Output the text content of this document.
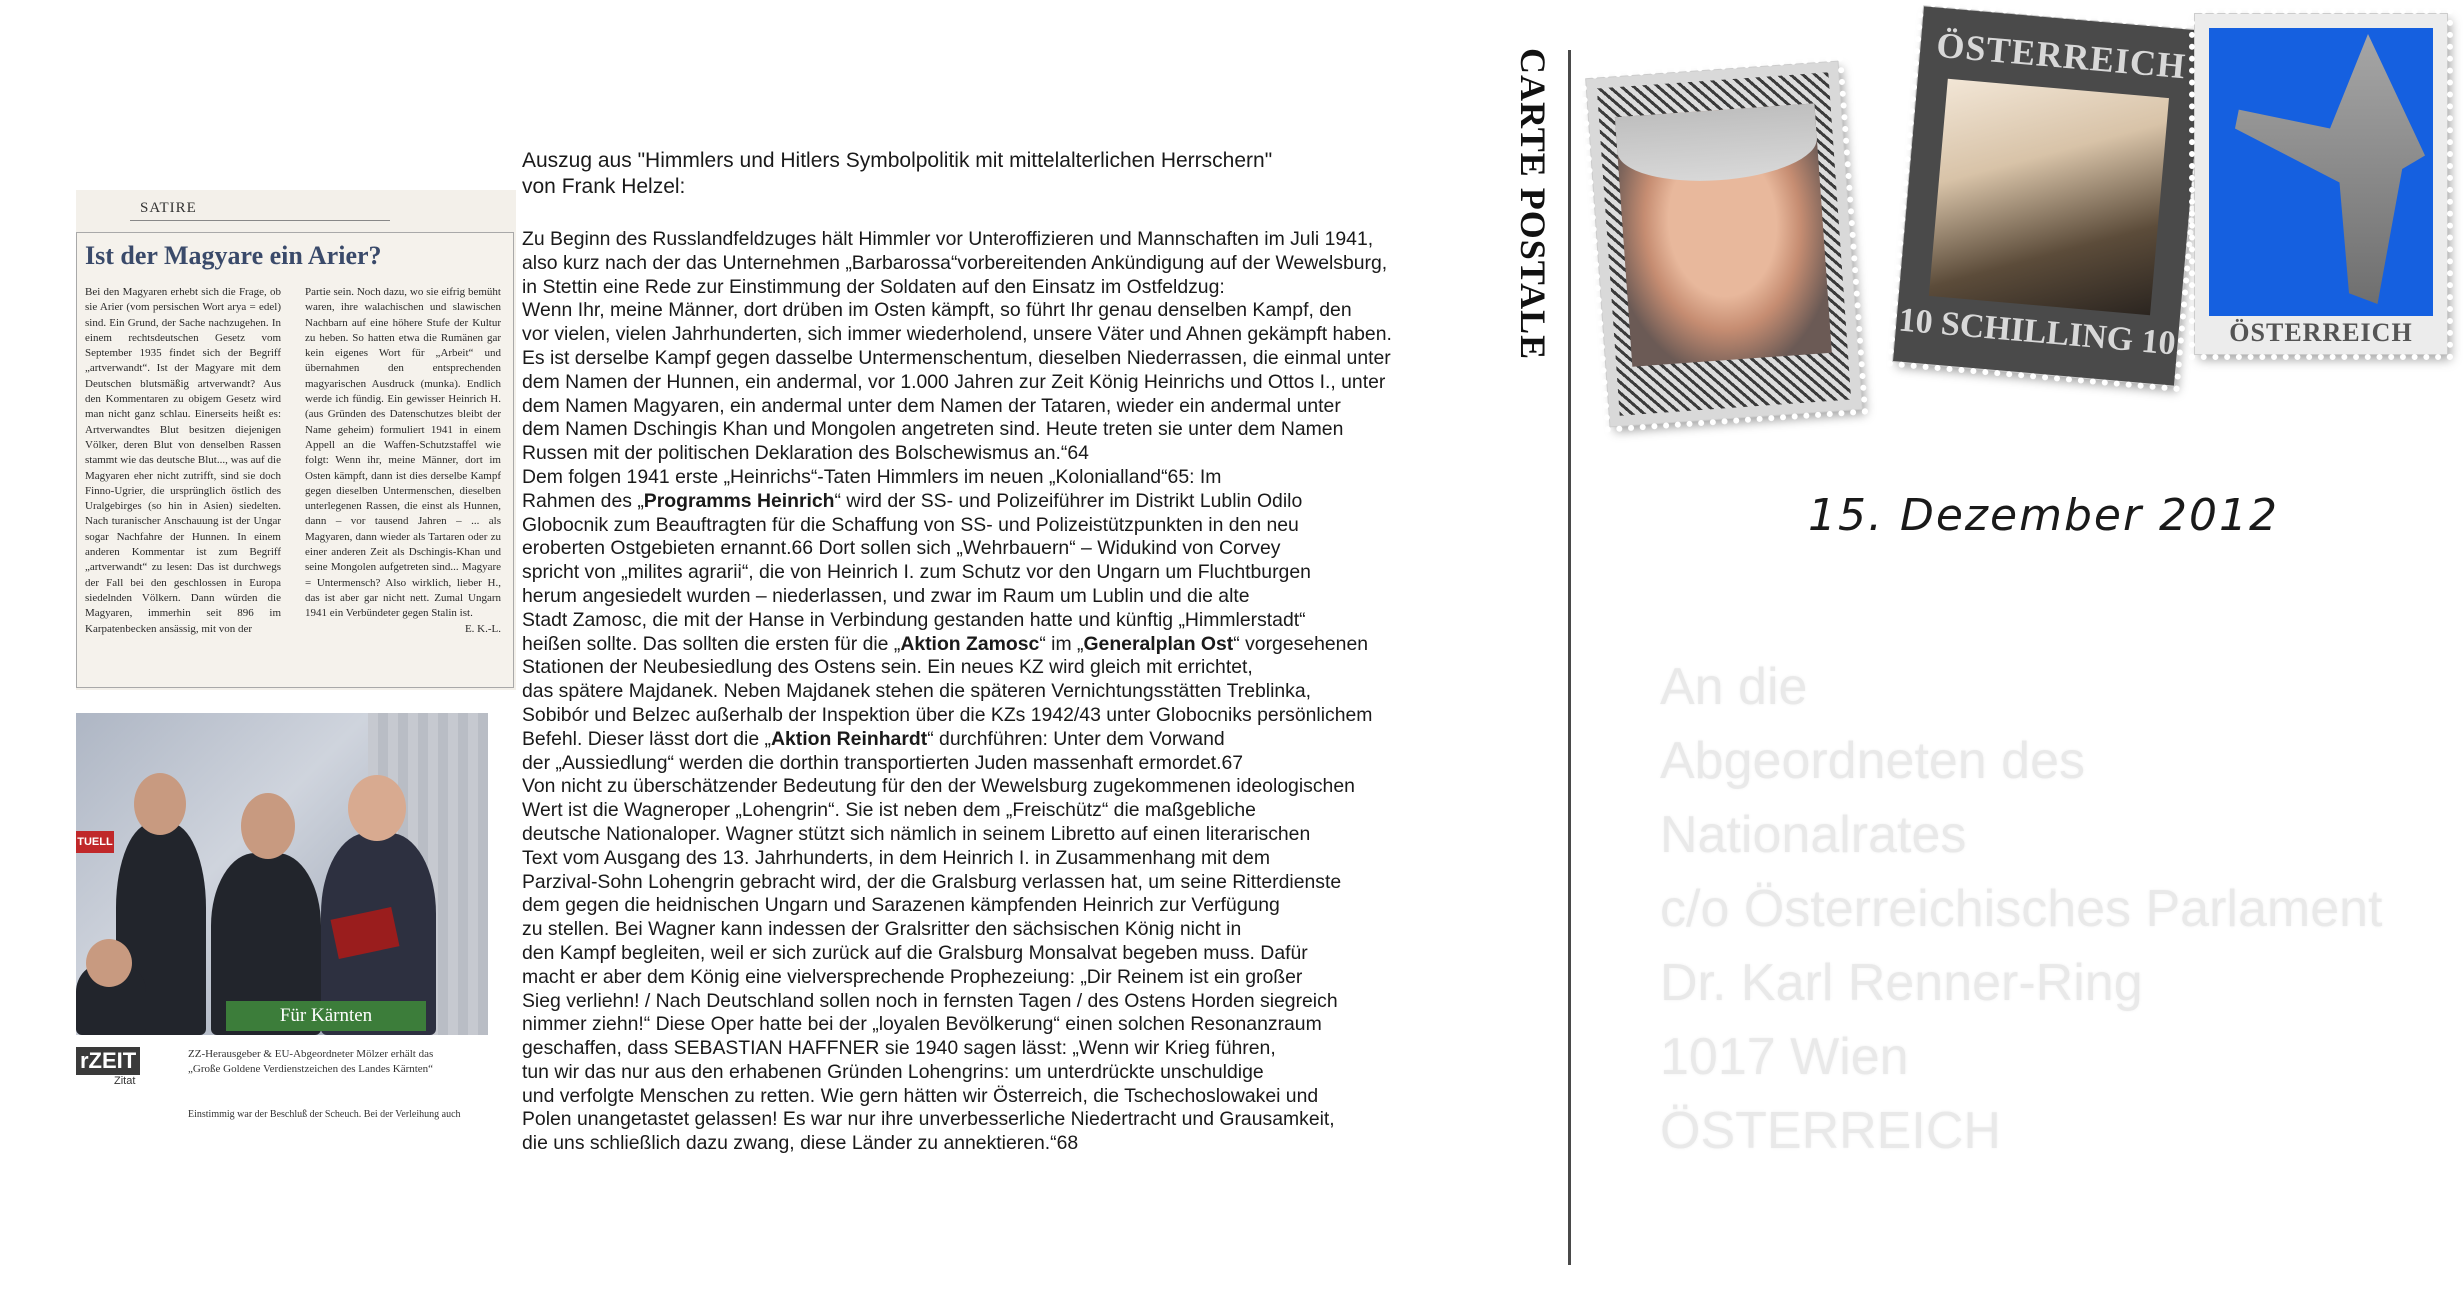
SATIRE
Ist der Magyare ein Arier?
Bei den Magyaren erhebt sich die Frage, ob sie Arier (vom persischen Wort arya = edel) sind. Ein Grund, der Sache nachzugehen. In einem rechtsdeutschen Gesetz vom September 1935 findet sich der Begriff „artverwandt“. Ist der Magyare mit dem Deutschen blutsmäßig artverwandt? Aus den Kommentaren zu obigem Gesetz wird man nicht ganz schlau. Einerseits heißt es: Artverwandtes Blut besitzen diejenigen Völker, deren Blut von denselben Rassen stammt wie das deutsche Blut..., was auf die Magyaren eher nicht zutrifft, sind sie doch Finno-Ugrier, die ursprünglich östlich des Uralgebirges (so hin in Asien) siedelten. Nach turanischer Anschauung ist der Ungar sogar Nachfahre der Hunnen. In einem anderen Kommentar ist zum Begriff „artverwandt“ zu lesen: Das ist durchwegs der Fall bei den geschlossen in Europa siedelnden Völkern. Dann würden die Magyaren, immerhin seit 896 im Karpatenbecken ansässig, mit von der
Partie sein. Noch dazu, wo sie eifrig bemüht waren, ihre walachischen und slawischen Nachbarn auf eine höhere Stufe der Kultur zu heben. So hatten etwa die Rumänen gar kein eigenes Wort für „Arbeit“ und übernahmen den entsprechenden magyarischen Ausdruck (munka). Endlich werde ich fündig. Ein gewisser Heinrich H. (aus Gründen des Datenschutzes bleibt der Name geheim) formuliert 1941 in einem Appell an die Waffen-Schutzstaffel wie folgt: Wenn ihr, meine Männer, dort im Osten kämpft, dann ist dies derselbe Kampf gegen dieselben Untermenschen, dieselben unterlegenen Rassen, die einst als Hunnen, dann – vor tausend Jahren – ... als Magyaren, dann wieder als Tartaren oder zu einer anderen Zeit als Dschingis-Khan und seine Mongolen aufgetreten sind... Magyare = Untermensch? Also wirklich, lieber H., das ist aber gar nicht nett. Zumal Ungarn 1941 ein Verbündeter gegen Stalin ist.
E. K.-L.
TUELL
Für Kärnten
rZEIT
Zitat
ZZ-Herausgeber & EU-Abgeordneter Mölzer erhält das
„Große Goldene Verdienstzeichen des Landes Kärnten“
Einstimmig war der Beschluß der Scheuch. Bei der Verleihung auch
Auszug aus "Himmlers und Hitlers Symbolpolitik mit mittelalterlichen Herrschern"
von Frank Helzel:

Zu Beginn des Russlandfeldzuges hält Himmler vor Unteroffizieren und Mannschaften im Juli 1941,

also kurz nach der das Unternehmen „Barbarossa“vorbereitenden Ankündigung auf der Wewelsburg,

in Stettin eine Rede zur Einstimmung der Soldaten auf den Einsatz im Ostfeldzug:

Wenn Ihr, meine Männer, dort drüben im Osten kämpft, so führt Ihr genau denselben Kampf, den

vor vielen, vielen Jahrhunderten, sich immer wiederholend, unsere Väter und Ahnen gekämpft haben.

Es ist derselbe Kampf gegen dasselbe Untermenschentum, dieselben Niederrassen, die einmal unter

dem Namen der Hunnen, ein andermal, vor 1.000 Jahren zur Zeit König Heinrichs und Ottos I., unter

dem Namen Magyaren, ein andermal unter dem Namen der Tataren, wieder ein andermal unter

dem Namen Dschingis Khan und Mongolen angetreten sind. Heute treten sie unter dem Namen

Russen mit der politischen Deklaration des Bolschewismus an.“64

Dem folgen 1941 erste „Heinrichs“-Taten Himmlers im neuen „Kolonialland“65: Im

Rahmen des „Programms Heinrich“ wird der SS- und Polizeiführer im Distrikt Lublin Odilo

Globocnik zum Beauftragten für die Schaffung von SS- und Polizeistützpunkten in den neu

eroberten Ostgebieten ernannt.66 Dort sollen sich „Wehrbauern“ – Widukind von Corvey

spricht von „milites agrarii“, die von Heinrich I. zum Schutz vor den Ungarn um Fluchtburgen

herum angesiedelt wurden – niederlassen, und zwar im Raum um Lublin und die alte

Stadt Zamosc, die mit der Hanse in Verbindung gestanden hatte und künftig „Himmlerstadt“

heißen sollte. Das sollten die ersten für die „Aktion Zamosc“ im „Generalplan Ost“ vorgesehenen

Stationen der Neubesiedlung des Ostens sein. Ein neues KZ wird gleich mit errichtet,

das spätere Majdanek. Neben Majdanek stehen die späteren Vernichtungsstätten Treblinka,

Sobibór und Belzec außerhalb der Inspektion über die KZs 1942/43 unter Globocniks persönlichem

Befehl. Dieser lässt dort die „Aktion Reinhardt“ durchführen: Unter dem Vorwand

der „Aussiedlung“ werden die dorthin transportierten Juden massenhaft ermordet.67

Von nicht zu überschätzender Bedeutung für den der Wewelsburg zugekommenen ideologischen

Wert ist die Wagneroper „Lohengrin“. Sie ist neben dem „Freischütz“ die maßgebliche

deutsche Nationaloper. Wagner stützt sich nämlich in seinem Libretto auf einen literarischen

Text vom Ausgang des 13. Jahrhunderts, in dem Heinrich I. in Zusammenhang mit dem

Parzival-Sohn Lohengrin gebracht wird, der die Gralsburg verlassen hat, um seine Ritterdienste

dem gegen die heidnischen Ungarn und Sarazenen kämpfenden Heinrich zur Verfügung

zu stellen. Bei Wagner kann indessen der Gralsritter den sächsischen König nicht in

den Kampf begleiten, weil er sich zurück auf die Gralsburg Monsalvat begeben muss. Dafür

macht er aber dem König eine vielversprechende Prophezeiung: „Dir Reinem ist ein großer

Sieg verliehn! / Nach Deutschland sollen noch in fernsten Tagen / des Ostens Horden siegreich

nimmer ziehn!“ Diese Oper hatte bei der „loyalen Bevölkerung“ einen solchen Resonanzraum

geschaffen, dass SEBASTIAN HAFFNER sie 1940 sagen lässt: „Wenn wir Krieg führen,

tun wir das nur aus den erhabenen Gründen Lohengrins: um unterdrückte unschuldige

und verfolgte Menschen zu retten. Wie gern hätten wir Österreich, die Tschechoslowakei und

Polen unangetastet gelassen! Es war nur ihre unverbesserliche Niedertracht und Grausamkeit,

die uns schließlich dazu zwang, diese Länder zu annektieren.“68

CARTE POSTALE	ÖSTERREICH
10 SCHILLING 10	ÖSTERREICH
15. Dezember 2012
An die
Abgeordneten des
Nationalrates
c/o Österreichisches Parlament
Dr. Karl Renner-Ring
1017 Wien
ÖSTERREICH
